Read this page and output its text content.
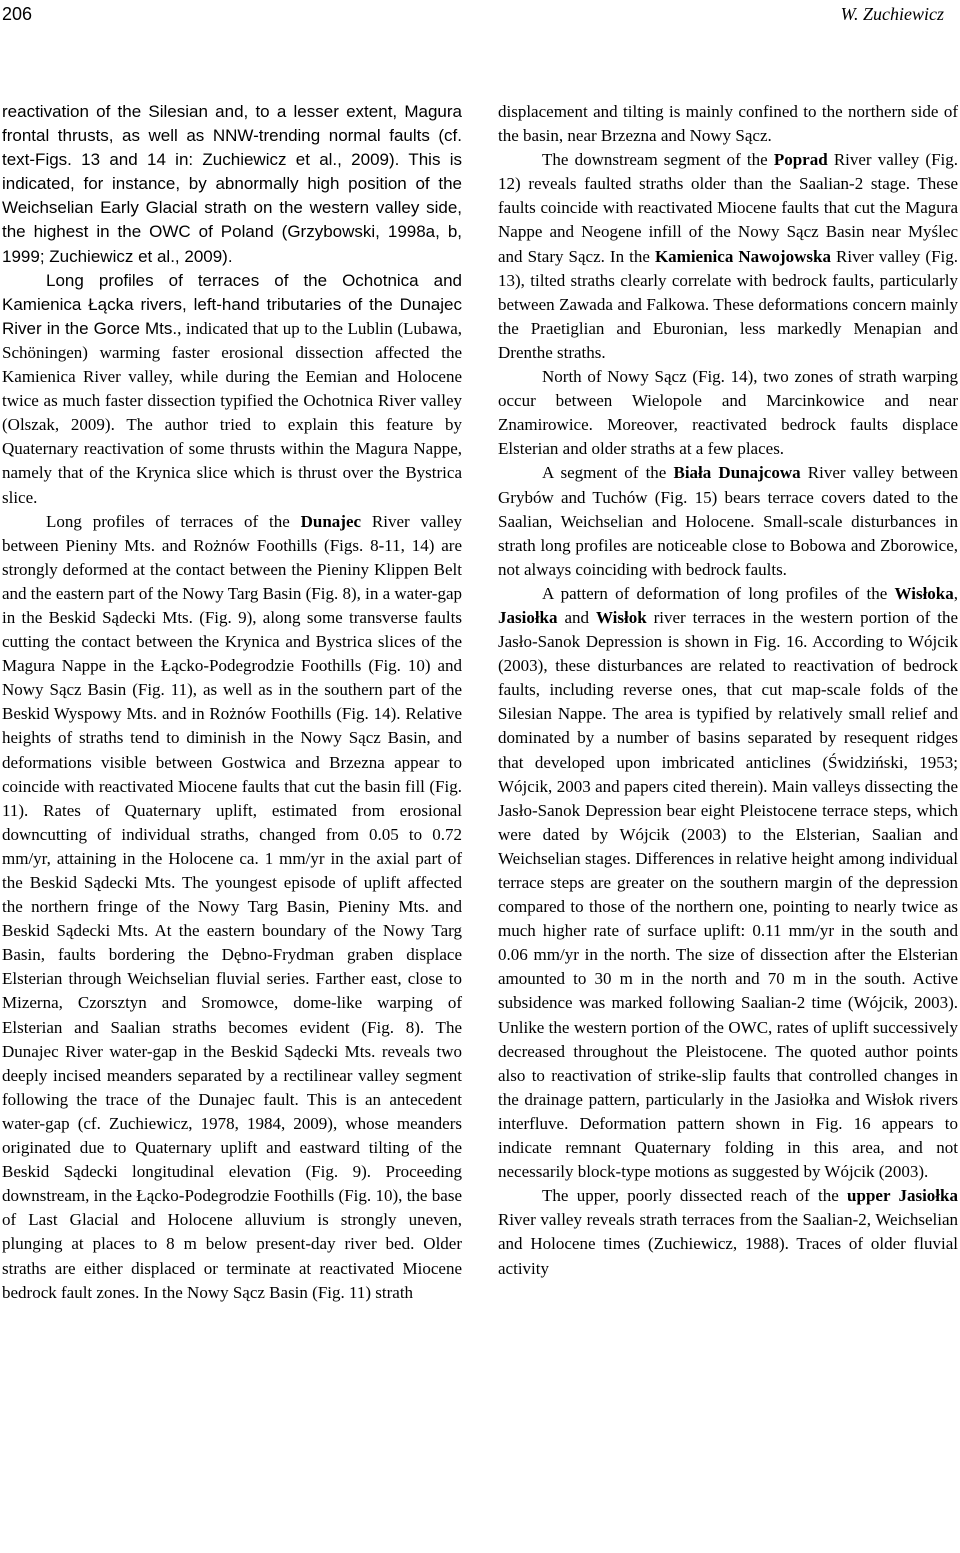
206	W. Zuchiewicz

reactivation of the Silesian and, to a lesser extent, Magura frontal thrusts, as well as NNW-trending normal faults (cf. text-Figs. 13 and 14 in: Zuchiewicz et al., 2009). This is indicated, for instance, by abnormally high position of the Weichselian Early Glacial strath on the western valley side, the highest in the OWC of Poland (Grzybowski, 1998a, b, 1999; Zuchiewicz et al., 2009).

Long profiles of terraces of the Ochotnica and Kamienica Łącka rivers, left-hand tributaries of the Dunajec River in the Gorce Mts., indicated that up to the Lublin (Lubawa, Schöningen) warming faster erosional dissection affected the Kamienica River valley, while during the Eemian and Holocene twice as much faster dissection typified the Ochotnica River valley (Olszak, 2009). The author tried to explain this feature by Quaternary reactivation of some thrusts within the Magura Nappe, namely that of the Krynica slice which is thrust over the Bystrica slice.

Long profiles of terraces of the Dunajec River valley between Pieniny Mts. and Rożnów Foothills (Figs. 8-11, 14) are strongly deformed at the contact between the Pieniny Klippen Belt and the eastern part of the Nowy Targ Basin (Fig. 8), in a water-gap in the Beskid Sądecki Mts. (Fig. 9), along some transverse faults cutting the contact between the Krynica and Bystrica slices of the Magura Nappe in the Łącko-Podegrodzie Foothills (Fig. 10) and Nowy Sącz Basin (Fig. 11), as well as in the southern part of the Beskid Wyspowy Mts. and in Rożnów Foothills (Fig. 14). Relative heights of straths tend to diminish in the Nowy Sącz Basin, and deformations visible between Gostwica and Brzezna appear to coincide with reactivated Miocene faults that cut the basin fill (Fig. 11). Rates of Quaternary uplift, estimated from erosional downcutting of individual straths, changed from 0.05 to 0.72 mm/yr, attaining in the Holocene ca. 1 mm/yr in the axial part of the Beskid Sądecki Mts. The youngest episode of uplift affected the northern fringe of the Nowy Targ Basin, Pieniny Mts. and Beskid Sądecki Mts. At the eastern boundary of the Nowy Targ Basin, faults bordering the Dębno-Frydman graben displace Elsterian through Weichselian fluvial series. Farther east, close to Mizerna, Czorsztyn and Sromowce, dome-like warping of Elsterian and Saalian straths becomes evident (Fig. 8). The Dunajec River water-gap in the Beskid Sądecki Mts. reveals two deeply incised meanders separated by a rectilinear valley segment following the trace of the Dunajec fault. This is an antecedent water-gap (cf. Zuchiewicz, 1978, 1984, 2009), whose meanders originated due to Quaternary uplift and eastward tilting of the Beskid Sądecki longitudinal elevation (Fig. 9). Proceeding downstream, in the Łącko-Podegrodzie Foothills (Fig. 10), the base of Last Glacial and Holocene alluvium is strongly uneven, plunging at places to 8 m below present-day river bed. Older straths are either displaced or terminate at reactivated Miocene bedrock fault zones. In the Nowy Sącz Basin (Fig. 11) strath

displacement and tilting is mainly confined to the northern side of the basin, near Brzezna and Nowy Sącz.

The downstream segment of the Poprad River valley (Fig. 12) reveals faulted straths older than the Saalian-2 stage. These faults coincide with reactivated Miocene faults that cut the Magura Nappe and Neogene infill of the Nowy Sącz Basin near Myślec and Stary Sącz. In the Kamienica Nawojowska River valley (Fig. 13), tilted straths clearly correlate with bedrock faults, particularly between Zawada and Falkowa. These deformations concern mainly the Praetiglian and Eburonian, less markedly Menapian and Drenthe straths.

North of Nowy Sącz (Fig. 14), two zones of strath warping occur between Wielopole and Marcinkowice and near Znamirowice. Moreover, reactivated bedrock faults displace Elsterian and older straths at a few places.

A segment of the Biała Dunajcowa River valley between Grybów and Tuchów (Fig. 15) bears terrace covers dated to the Saalian, Weichselian and Holocene. Small-scale disturbances in strath long profiles are noticeable close to Bobowa and Zborowice, not always coinciding with bedrock faults.

A pattern of deformation of long profiles of the Wisłoka, Jasiołka and Wisłok river terraces in the western portion of the Jasło-Sanok Depression is shown in Fig. 16. According to Wójcik (2003), these disturbances are related to reactivation of bedrock faults, including reverse ones, that cut map-scale folds of the Silesian Nappe. The area is typified by relatively small relief and dominated by a number of basins separated by resequent ridges that developed upon imbricated anticlines (Świdziński, 1953; Wójcik, 2003 and papers cited therein). Main valleys dissecting the Jasło-Sanok Depression bear eight Pleistocene terrace steps, which were dated by Wójcik (2003) to the Elsterian, Saalian and Weichselian stages. Differences in relative height among individual terrace steps are greater on the southern margin of the depression compared to those of the northern one, pointing to nearly twice as much higher rate of surface uplift: 0.11 mm/yr in the south and 0.06 mm/yr in the north. The size of dissection after the Elsterian amounted to 30 m in the north and 70 m in the south. Active subsidence was marked following Saalian-2 time (Wójcik, 2003). Unlike the western portion of the OWC, rates of uplift successively decreased throughout the Pleistocene. The quoted author points also to reactivation of strike-slip faults that controlled changes in the drainage pattern, particularly in the Jasiołka and Wisłok rivers interfluve. Deformation pattern shown in Fig. 16 appears to indicate remnant Quaternary folding in this area, and not necessarily block-type motions as suggested by Wójcik (2003).

The upper, poorly dissected reach of the upper Jasiołka River valley reveals strath terraces from the Saalian-2, Weichselian and Holocene times (Zuchiewicz, 1988). Traces of older fluvial activity
